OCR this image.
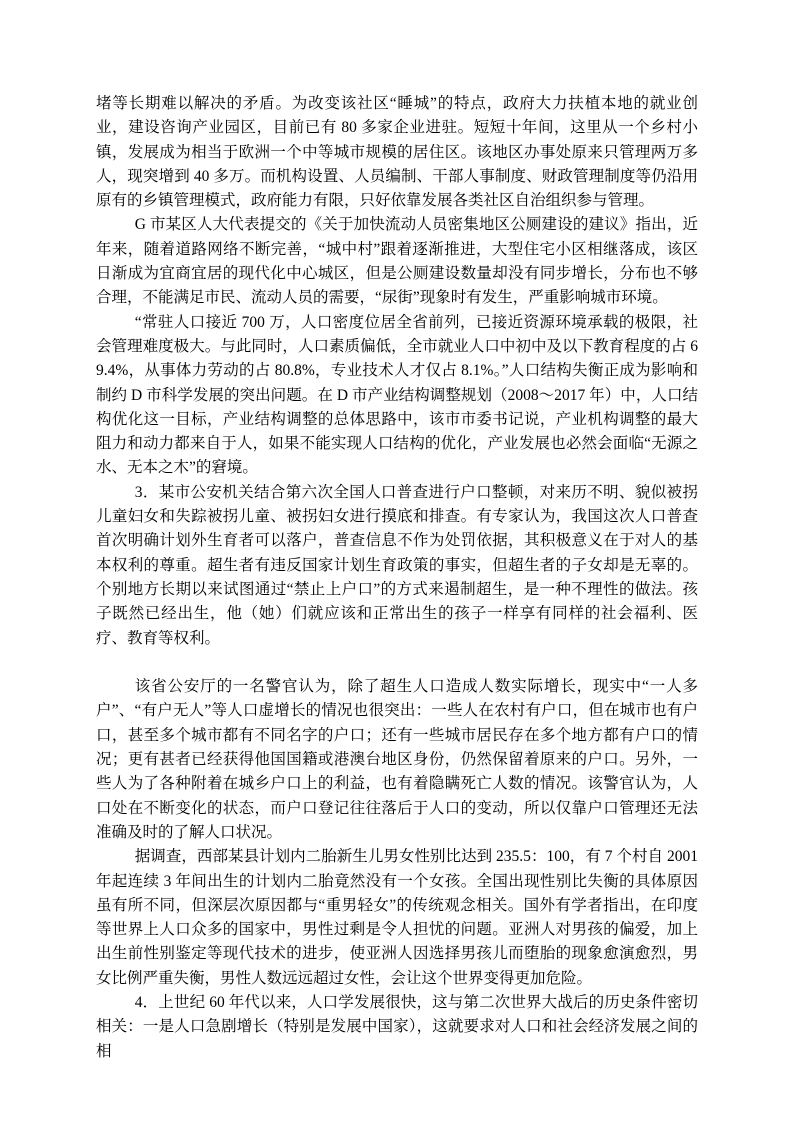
堵等长期难以解决的矛盾。为改变该社区“睡城”的特点，政府大力扶植本地的就业创业，建设咨询产业园区，目前已有 80 多家企业进驻。短短十年间，这里从一个乡村小镇，发展成为相当于欧洲一个中等城市规模的居住区。该地区办事处原来只管理两万多人，现突增到 40 多万。而机构设置、人员编制、干部人事制度、财政管理制度等仍沿用原有的乡镇管理模式，政府能力有限，只好依靠发展各类社区自治组织参与管理。

G 市某区人大代表提交的《关于加快流动人员密集地区公厕建设的建议》指出，近年来，随着道路网络不断完善，“城中村”跟着逐渐推进，大型住宅小区相继落成，该区日渐成为宜商宜居的现代化中心城区，但是公厕建设数量却没有同步增长，分布也不够合理，不能满足市民、流动人员的需要，“尿街”现象时有发生，严重影响城市环境。

“常驻人口接近 700 万，人口密度位居全省前列，已接近资源环境承载的极限，社会管理难度极大。与此同时，人口素质偏低，全市就业人口中初中及以下教育程度的占 69.4%，从事体力劳动的占 80.8%，专业技术人才仅占 8.1%。”人口结构失衡正成为影响和制约 D 市科学发展的突出问题。在 D 市产业结构调整规划（2008～2017 年）中，人口结构优化这一目标，产业结构调整的总体思路中，该市市委书记说，产业机构调整的最大阻力和动力都来自于人，如果不能实现人口结构的优化，产业发展也必然会面临“无源之水、无本之木”的窘境。

3．某市公安机关结合第六次全国人口普查进行户口整顿，对来历不明、貌似被拐儿童妇女和失踪被拐儿童、被拐妇女进行摸底和排查。有专家认为，我国这次人口普查首次明确计划外生育者可以落户，普查信息不作为处罚依据，其积极意义在于对人的基本权利的尊重。超生者有违反国家计划生育政策的事实，但超生者的子女却是无辜的。个别地方长期以来试图通过“禁止上户口”的方式来遏制超生，是一种不理性的做法。孩子既然已经出生，他（她）们就应该和正常出生的孩子一样享有同样的社会福利、医疗、教育等权利。

该省公安厅的一名警官认为，除了超生人口造成人数实际增长，现实中“一人多户”、“有户无人”等人口虚增长的情况也很突出：一些人在农村有户口，但在城市也有户口，甚至多个城市都有不同名字的户口；还有一些城市居民存在多个地方都有户口的情况；更有甚者已经获得他国国籍或港澳台地区身份，仍然保留着原来的户口。另外，一些人为了各种附着在城乡户口上的利益，也有着隐瞒死亡人数的情况。该警官认为，人口处在不断变化的状态，而户口登记往往落后于人口的变动，所以仅靠户口管理还无法准确及时的了解人口状况。

据调查，西部某县计划内二胎新生儿男女性别比达到 235.5：100，有 7 个村自 2001 年起连续 3 年间出生的计划内二胎竟然没有一个女孩。全国出现性别比失衡的具体原因虽有所不同，但深层次原因都与“重男轻女”的传统观念相关。国外有学者指出，在印度等世界上人口众多的国家中，男性过剩是令人担忧的问题。亚洲人对男孩的偏爱，加上出生前性别鉴定等现代技术的进步，使亚洲人因选择男孩儿而堕胎的现象愈演愈烈，男女比例严重失衡，男性人数远远超过女性，会让这个世界变得更加危险。

4．上世纪 60 年代以来，人口学发展很快，这与第二次世界大战后的历史条件密切相关：一是人口急剧增长（特别是发展中国家），这就要求对人口和社会经济发展之间的相
